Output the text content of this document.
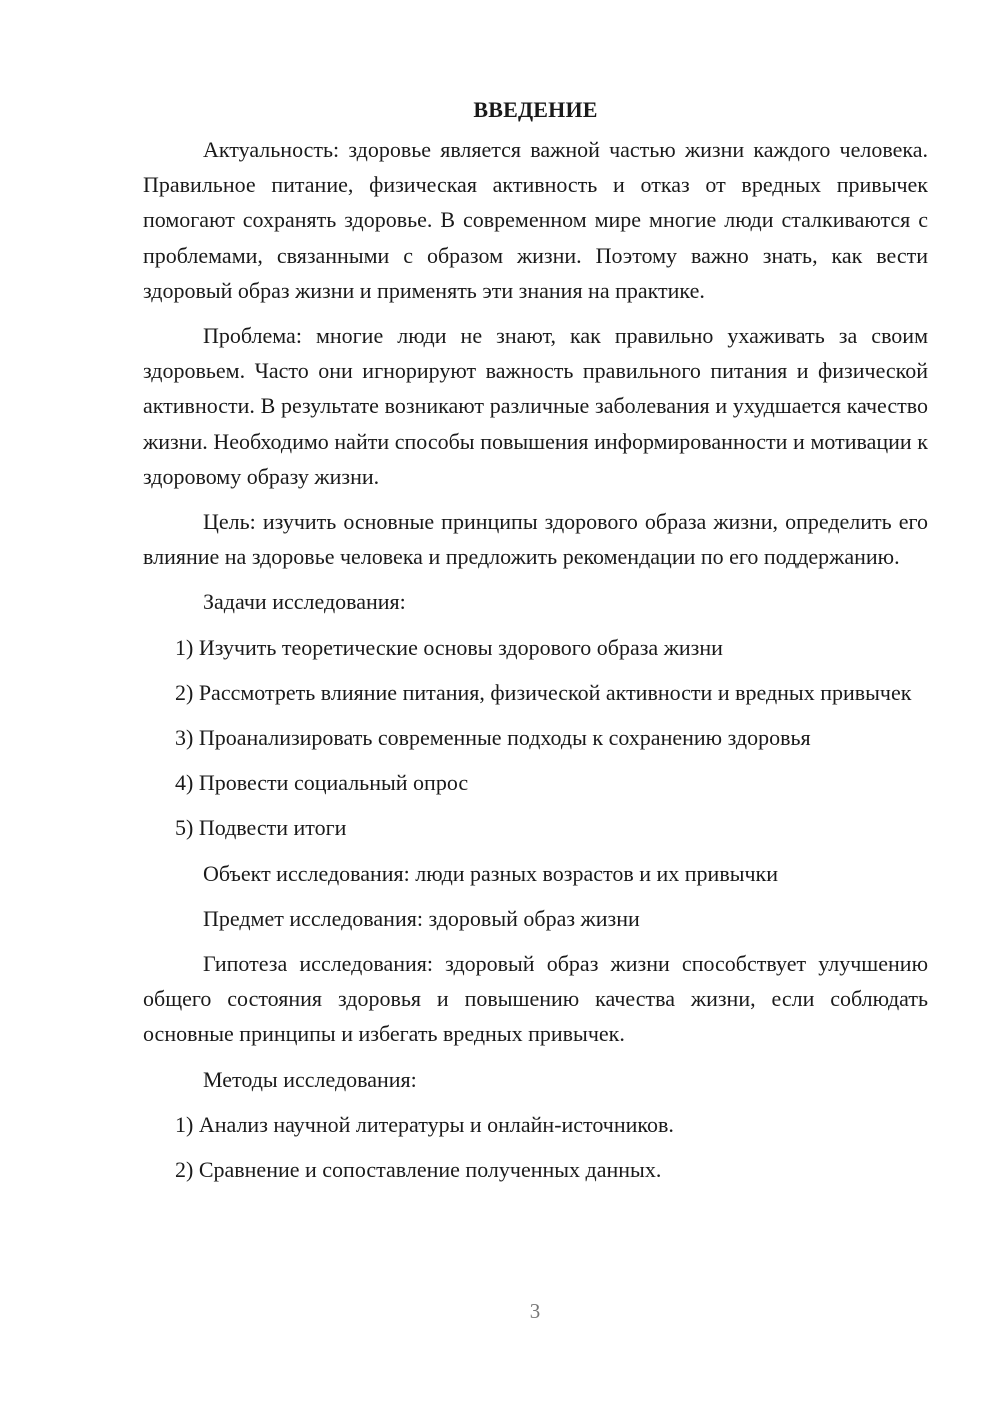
ВВЕДЕНИЕ

Актуальность: здоровье является важной частью жизни каждого человека. Правильное питание, физическая активность и отказ от вредных привычек помогают сохранять здоровье. В современном мире многие люди сталкиваются с проблемами, связанными с образом жизни. Поэтому важно знать, как вести здоровый образ жизни и применять эти знания на практике.

Проблема: многие люди не знают, как правильно ухаживать за своим здоровьем. Часто они игнорируют важность правильного питания и физической активности. В результате возникают различные заболевания и ухудшается качество жизни. Необходимо найти способы повышения информированности и мотивации к здоровому образу жизни.

Цель: изучить основные принципы здорового образа жизни, определить его влияние на здоровье человека и предложить рекомендации по его поддержанию.

Задачи исследования:

1) Изучить теоретические основы здорового образа жизни

2) Рассмотреть влияние питания, физической активности и вредных привычек

3) Проанализировать современные подходы к сохранению здоровья

4) Провести социальный опрос

5) Подвести итоги

Объект исследования: люди разных возрастов и их привычки

Предмет исследования: здоровый образ жизни

Гипотеза исследования: здоровый образ жизни способствует улучшению общего состояния здоровья и повышению качества жизни, если соблюдать основные принципы и избегать вредных привычек.

Методы исследования:

1) Анализ научной литературы и онлайн-источников.

2) Сравнение и сопоставление полученных данных.

3
